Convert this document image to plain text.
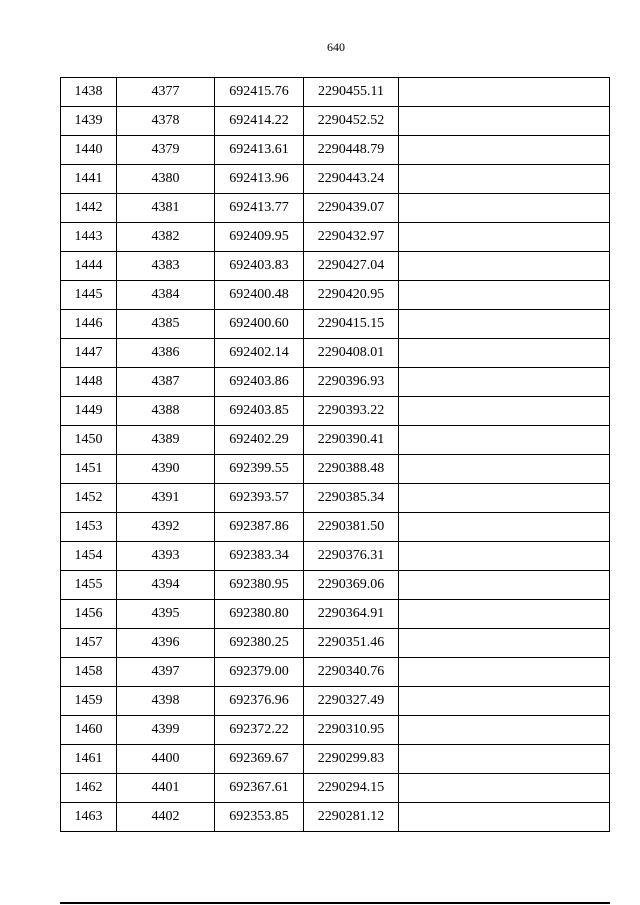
640
1438	4377	692415.76	2290455.11	
1439	4378	692414.22	2290452.52	
1440	4379	692413.61	2290448.79	
1441	4380	692413.96	2290443.24	
1442	4381	692413.77	2290439.07	
1443	4382	692409.95	2290432.97	
1444	4383	692403.83	2290427.04	
1445	4384	692400.48	2290420.95	
1446	4385	692400.60	2290415.15	
1447	4386	692402.14	2290408.01	
1448	4387	692403.86	2290396.93	
1449	4388	692403.85	2290393.22	
1450	4389	692402.29	2290390.41	
1451	4390	692399.55	2290388.48	
1452	4391	692393.57	2290385.34	
1453	4392	692387.86	2290381.50	
1454	4393	692383.34	2290376.31	
1455	4394	692380.95	2290369.06	
1456	4395	692380.80	2290364.91	
1457	4396	692380.25	2290351.46	
1458	4397	692379.00	2290340.76	
1459	4398	692376.96	2290327.49	
1460	4399	692372.22	2290310.95	
1461	4400	692369.67	2290299.83	
1462	4401	692367.61	2290294.15	
1463	4402	692353.85	2290281.12	
